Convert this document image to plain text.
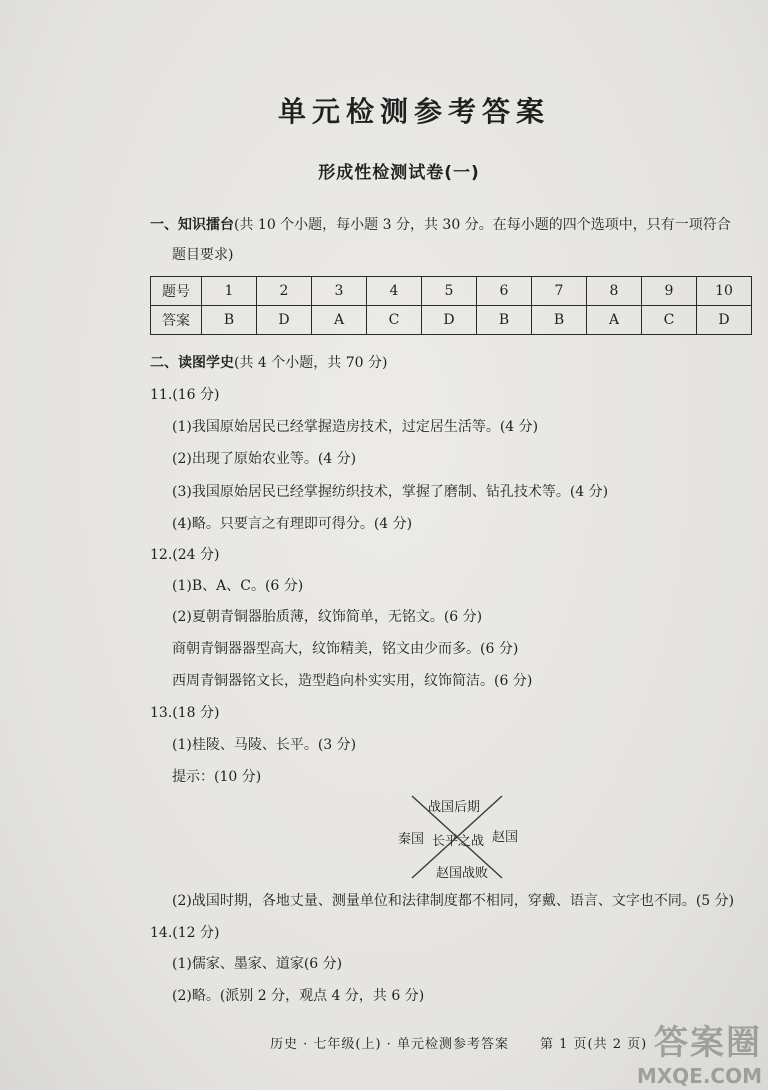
单元检测参考答案
形成性检测试卷(一)
一、知识擂台(共 10 个小题，每小题 3 分，共 30 分。在每小题的四个选项中，只有一项符合
题目要求)
题号	1	2	3	4	5	6	7	8	9	10
答案	B	D	A	C	D	B	B	A	C	D
二、读图学史(共 4 个小题，共 70 分)
11.(16 分)
(1)我国原始居民已经掌握造房技术，过定居生活等。(4 分)
(2)出现了原始农业等。(4 分)
(3)我国原始居民已经掌握纺织技术，掌握了磨制、钻孔技术等。(4 分)
(4)略。只要言之有理即可得分。(4 分)
12.(24 分)
(1)B、A、C。(6 分)
(2)夏朝青铜器胎质薄，纹饰简单，无铭文。(6 分)
商朝青铜器器型高大，纹饰精美，铭文由少而多。(6 分)
西周青铜器铭文长，造型趋向朴实实用，纹饰简洁。(6 分)
13.(18 分)
(1)桂陵、马陵、长平。(3 分)
提示：(10 分)
战国后期
秦国 长平之战 赵国
赵国战败
(2)战国时期，各地丈量、测量单位和法律制度都不相同，穿戴、语言、文字也不同。(5 分)
14.(12 分)
(1)儒家、墨家、道家(6 分)
(2)略。(派别 2 分，观点 4 分，共 6 分)
历史 · 七年级(上) · 单元检测参考答案 第 1 页(共 2 页) 答案圈
MXQE.COM
